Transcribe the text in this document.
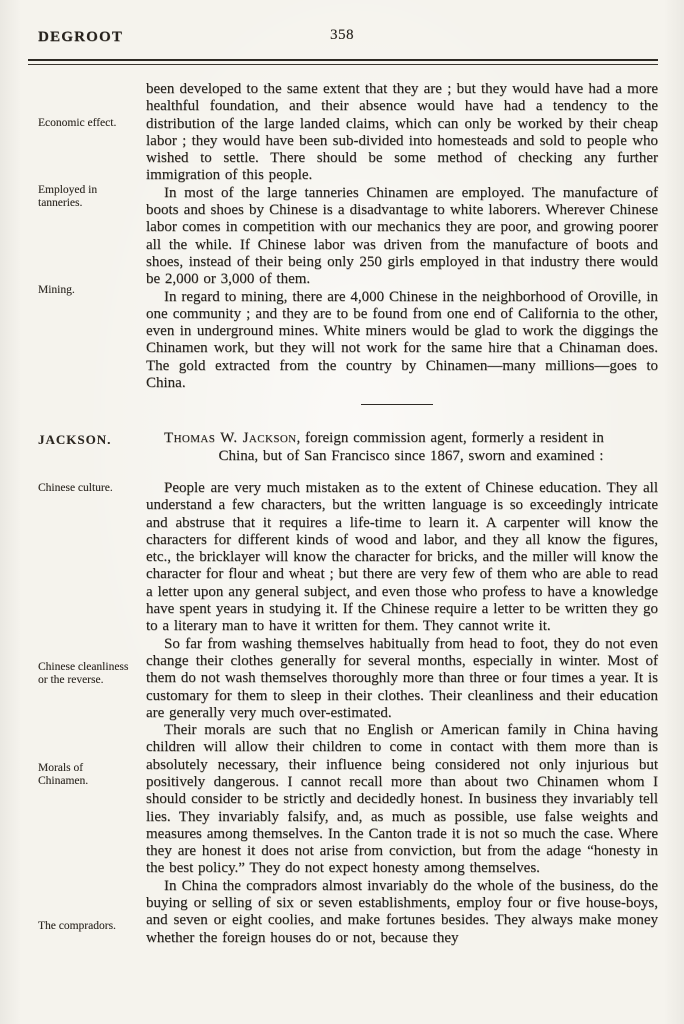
DEGROOT	358
Economic effect.
Employed in tanneries.
Mining.
JACKSON.
Chinese culture.
Chinese cleanliness or the reverse.
Morals of Chinamen.
The compradors.

been developed to the same extent that they are ; but they would have had a more healthful foundation, and their absence would have had a tendency to the distribution of the large landed claims, which can only be worked by their cheap labor ; they would have been sub-divided into homesteads and sold to people who wished to settle. There should be some method of checking any further immigration of this people.

In most of the large tanneries Chinamen are employed. The manufacture of boots and shoes by Chinese is a disadvantage to white laborers. Wherever Chinese labor comes in competition with our mechanics they are poor, and growing poorer all the while. If Chinese labor was driven from the manufacture of boots and shoes, instead of their being only 250 girls employed in that industry there would be 2,000 or 3,000 of them.

In regard to mining, there are 4,000 Chinese in the neighborhood of Oroville, in one community ; and they are to be found from one end of California to the other, even in underground mines. White miners would be glad to work the diggings the Chinamen work, but they will not work for the same hire that a Chinaman does. The gold extracted from the country by Chinamen—many millions—goes to China.

Thomas W. Jackson, foreign commission agent, formerly a resident in

China, but of San Francisco since 1867, sworn and examined :

People are very much mistaken as to the extent of Chinese education. They all understand a few characters, but the written language is so exceedingly intricate and abstruse that it requires a life-time to learn it. A carpenter will know the characters for different kinds of wood and labor, and they all know the figures, etc., the bricklayer will know the character for bricks, and the miller will know the character for flour and wheat ; but there are very few of them who are able to read a letter upon any general subject, and even those who profess to have a knowledge have spent years in studying it. If the Chinese require a letter to be written they go to a literary man to have it written for them. They cannot write it.

So far from washing themselves habitually from head to foot, they do not even change their clothes generally for several months, especially in winter. Most of them do not wash themselves thoroughly more than three or four times a year. It is customary for them to sleep in their clothes. Their cleanliness and their education are generally very much over-estimated.

Their morals are such that no English or American family in China having children will allow their children to come in contact with them more than is absolutely necessary, their influence being considered not only injurious but positively dangerous. I cannot recall more than about two Chinamen whom I should consider to be strictly and decidedly honest. In business they invariably tell lies. They invariably falsify, and, as much as possible, use false weights and measures among themselves. In the Canton trade it is not so much the case. Where they are honest it does not arise from conviction, but from the adage “honesty in the best policy.” They do not expect honesty among themselves.

In China the compradors almost invariably do the whole of the business, do the buying or selling of six or seven establishments, employ four or five house-boys, and seven or eight coolies, and make fortunes besides. They always make money whether the foreign houses do or not, because they
